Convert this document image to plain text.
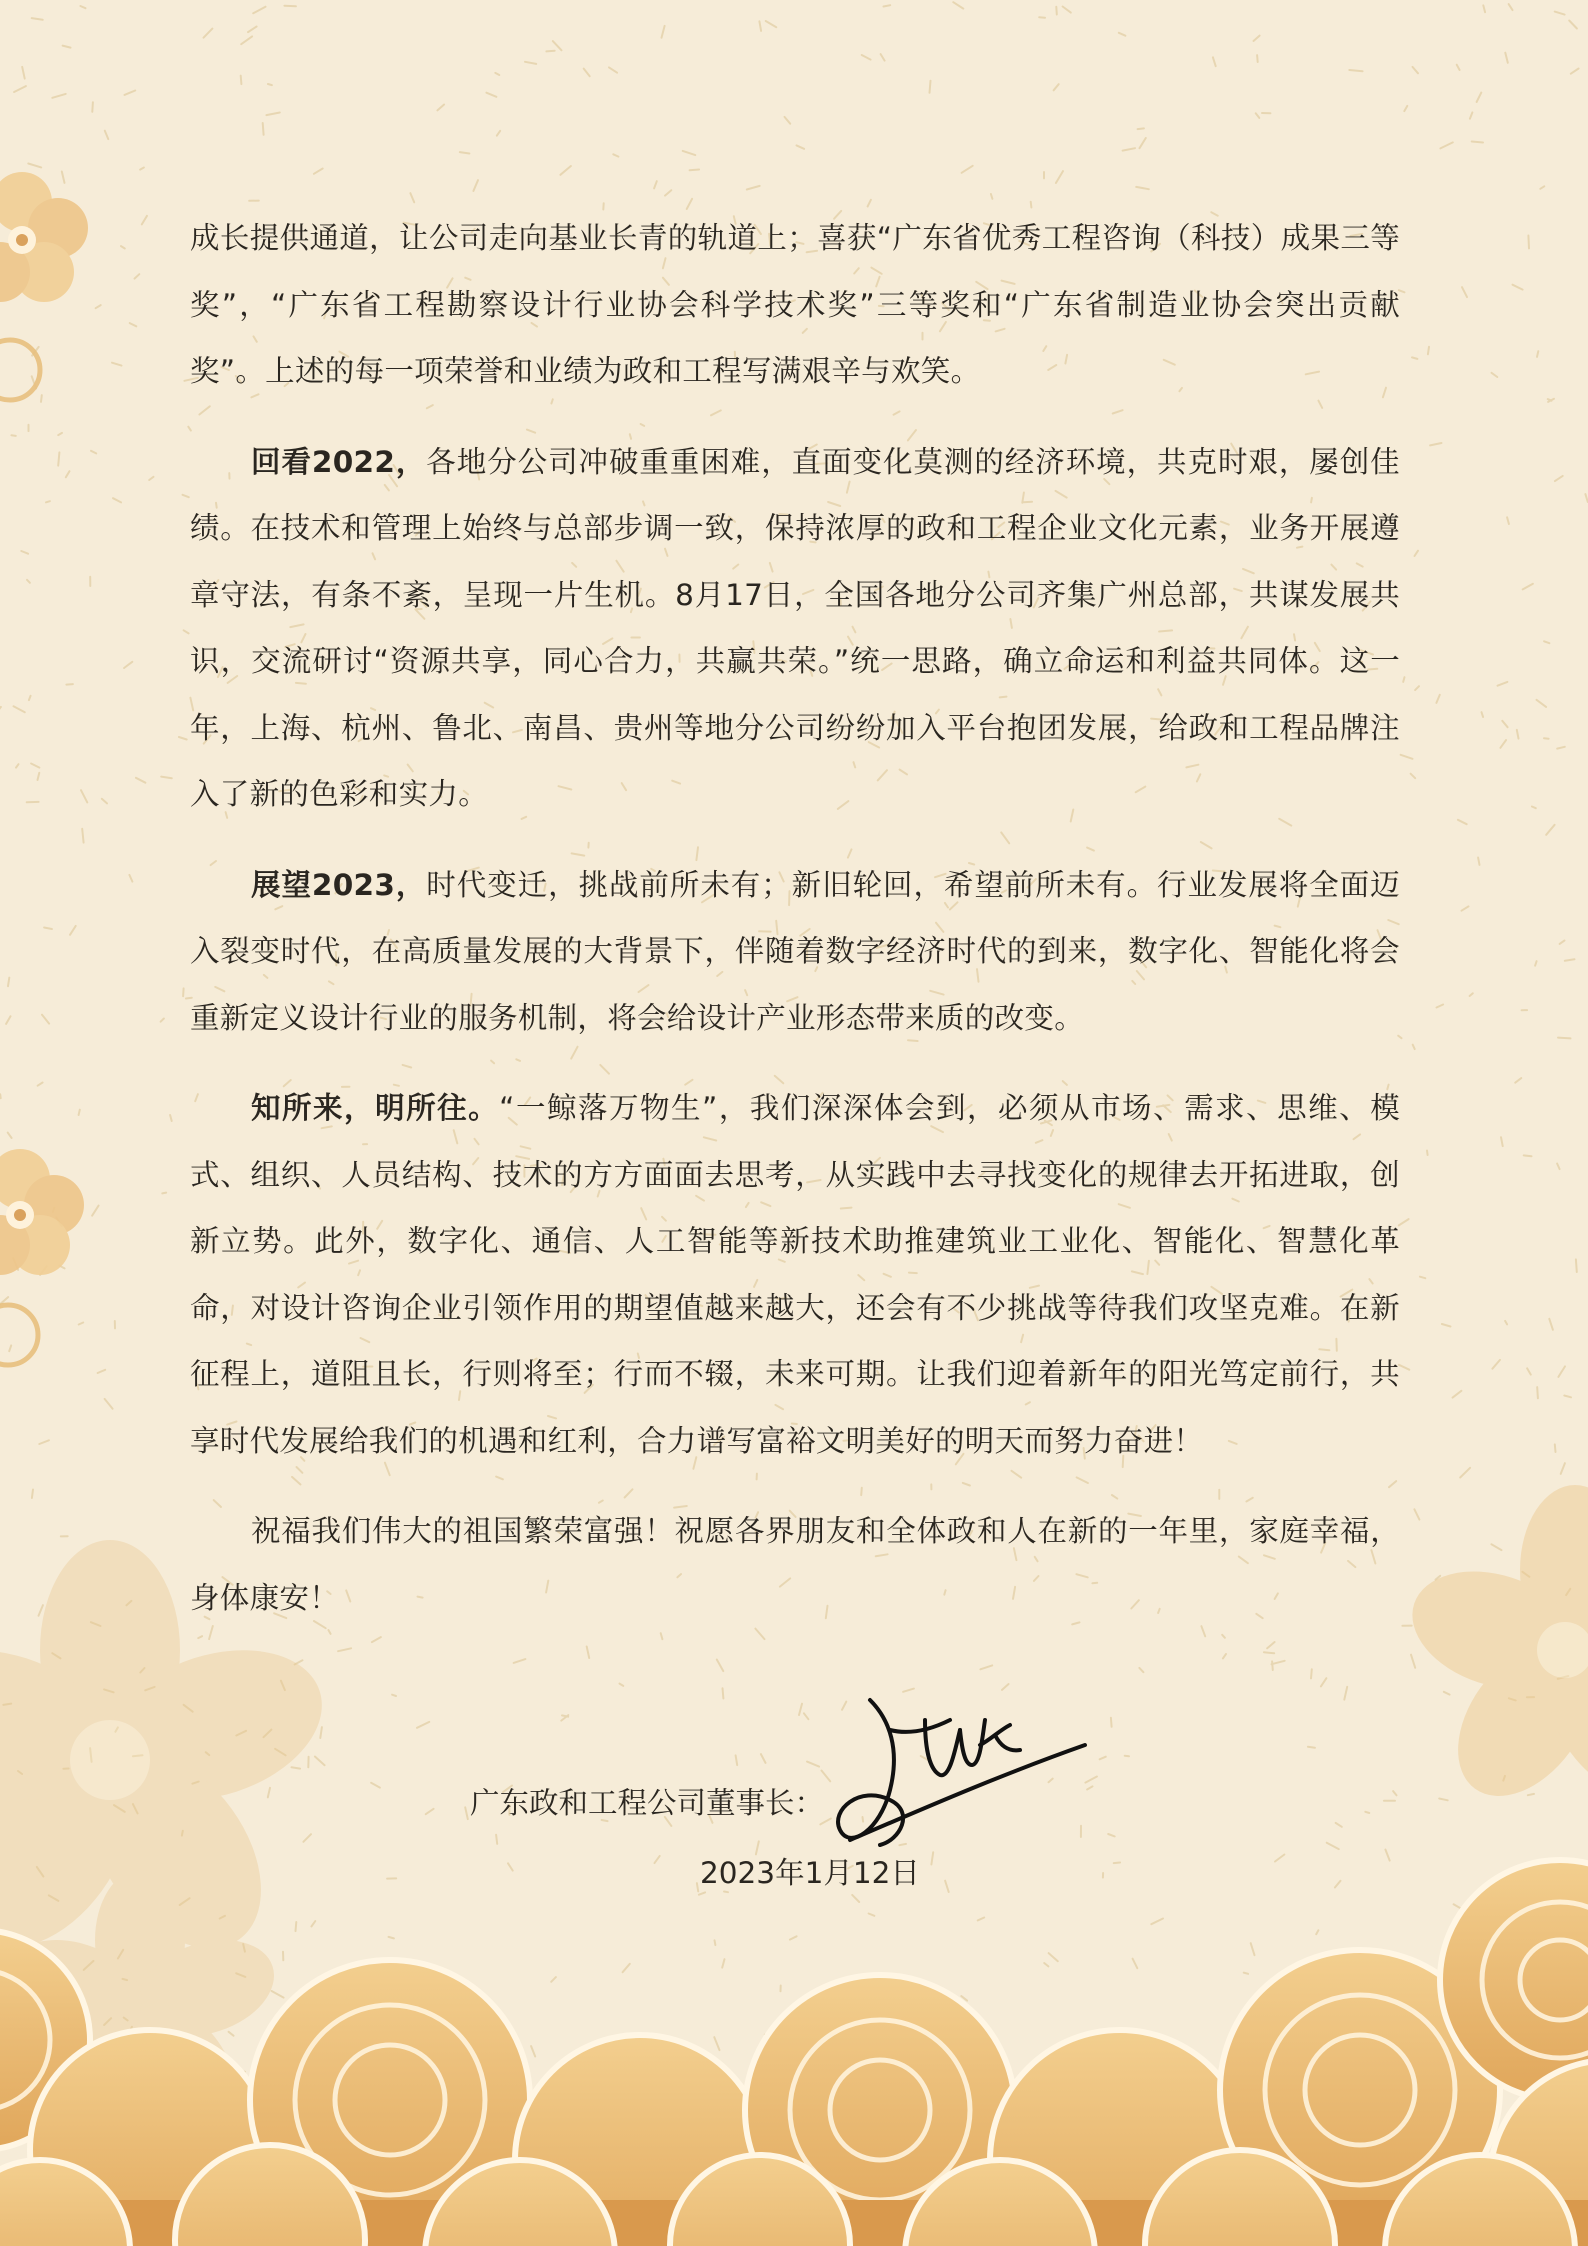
成长提供通道，让公司走向基业长青的轨道上；喜获“广东省优秀工程咨询（科技）成果三等奖”，“广东省工程勘察设计行业协会科学技术奖”三等奖和“广东省制造业协会突出贡献奖”。上述的每一项荣誉和业绩为政和工程写满艰辛与欢笑。

回看2022，各地分公司冲破重重困难，直面变化莫测的经济环境，共克时艰，屡创佳绩。在技术和管理上始终与总部步调一致，保持浓厚的政和工程企业文化元素，业务开展遵章守法，有条不紊，呈现一片生机。8月17日，全国各地分公司齐集广州总部，共谋发展共识，交流研讨“资源共享，同心合力，共赢共荣。”统一思路，确立命运和利益共同体。这一年，上海、杭州、鲁北、南昌、贵州等地分公司纷纷加入平台抱团发展，给政和工程品牌注入了新的色彩和实力。

展望2023，时代变迁，挑战前所未有；新旧轮回，希望前所未有。行业发展将全面迈入裂变时代，在高质量发展的大背景下，伴随着数字经济时代的到来，数字化、智能化将会重新定义设计行业的服务机制，将会给设计产业形态带来质的改变。

知所来，明所往。“一鲸落万物生”，我们深深体会到，必须从市场、需求、思维、模式、组织、人员结构、技术的方方面面去思考，从实践中去寻找变化的规律去开拓进取，创新立势。此外，数字化、通信、人工智能等新技术助推建筑业工业化、智能化、智慧化革命，对设计咨询企业引领作用的期望值越来越大，还会有不少挑战等待我们攻坚克难。在新征程上，道阻且长，行则将至；行而不辍，未来可期。让我们迎着新年的阳光笃定前行，共享时代发展给我们的机遇和红利，合力谱写富裕文明美好的明天而努力奋进！

祝福我们伟大的祖国繁荣富强！祝愿各界朋友和全体政和人在新的一年里，家庭幸福，身体康安！

广东政和工程公司董事长：
2023年1月12日
